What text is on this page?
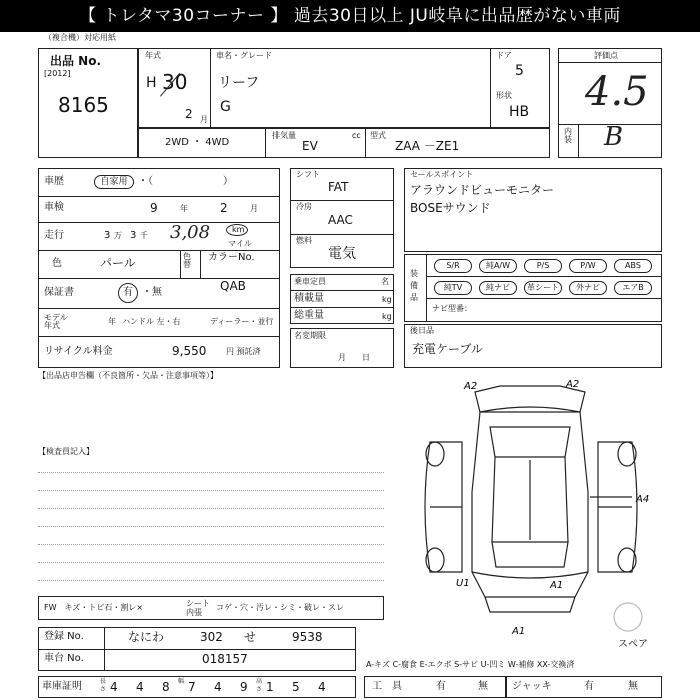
【 トレタマ30コーナー 】 過去30日以上 JU岐阜に出品歴がない車両
（複合機）対応用紙
出品 No.
[2012]
8165
年式
H 30
2 月
車名・グレード
リーフ
G
ドア
5
形状
HB
評価点
4.5
内装 B
2WD ・ 4WD
排気量
EV
cc 型式
ZAA －ZE1
車歴	自家用	・（　　　　　　　）
車検	9	年	2	月
走行	3 万 3 千 3,08	km
マイル
色	パール	色替
カラーNo.
QAB
保証書	有 ・無
モデル年式	年 ハンドル 左・右	ディーラー・並行
リサイクル料金	9,550 円 預託済
シフト
FAT
冷房
AAC
燃料
電気
乗車定員	名
積載量	kg
総重量	kg
名変期限
月　　日
セールスポイント
アラウンドビューモニター
BOSEサウンド
装備品
S/R	純A/W	P/S	P/W	ABS
純TV	純ナビ	革シート	外ナビ	エアB
ナビ型番：
後日品
充電ケーブル
【出品店申告欄（不良箇所・欠品・注意事項等）】
【検査員記入】
A2	A2
A4
U1	A1
A1
スペア
FW　キズ・トビ石・割レ×	シート 内張
コゲ・穴・汚レ・シミ・破レ・スレ
登録 No.	なにわ	302 せ	9538
車台 No.	018157	A-キズ C-腐食 E-エクボ S-サビ U-凹ミ W-補修 XX-交換済
車庫証明 4 4 8 7 4 9 1 5 4
長さ
幅	高さ	工　具	有	無 ジャッキ	有	無
